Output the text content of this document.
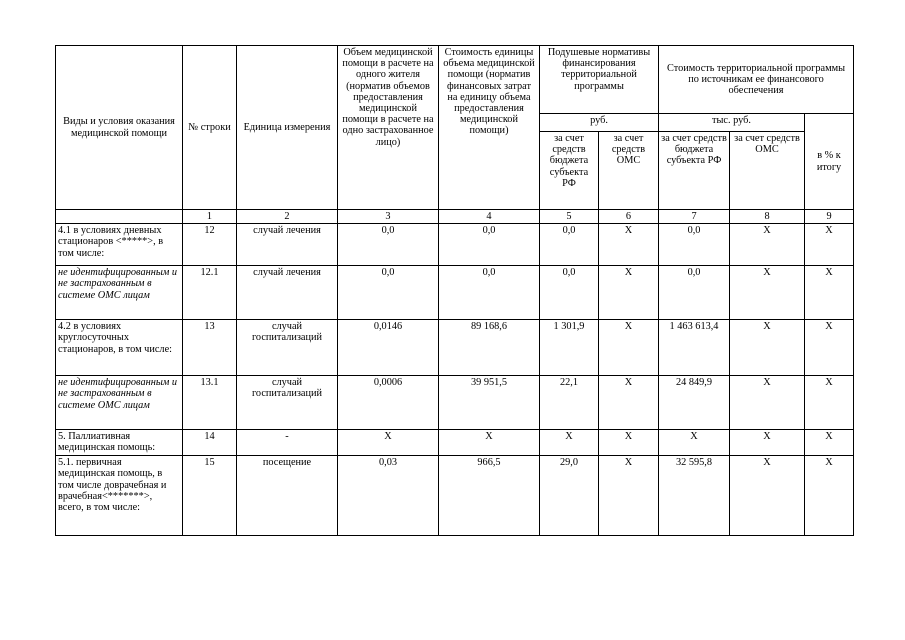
Виды и условия оказания медицинской помощи	№ строки	Единица измерения	Объем медицинской помощи в расчете на одного жителя (норматив объемов предоставления медицинской помощи в расчете на одно застрахованное лицо)	Стоимость единицы объема медицинской помощи (норматив финансовых затрат на единицу объема предоставления медицинской помощи)	Подушевые нормативы финансирования территориальной программы		Стоимость территориальной программы по источникам ее финансового обеспечения		
					руб.		тыс. руб.		в % к итогу
					за счет средств бюджета субъекта РФ	за счет средств ОМС	за счет средств бюджета субъекта РФ	за счет средств ОМС	
	1	2	3	4	5	6	7	8	9
4.1 в условиях дневных стационаров <*****>, в том числе:	12	случай лечения	0,0	0,0	0,0	X	0,0	X	X
не идентифицированным и не застрахованным в системе ОМС лицам	12.1	случай лечения	0,0	0,0	0,0	X	0,0	X	X
4.2 в условиях круглосуточных стационаров, в том числе:	13	случай госпитализаций	0,0146	89 168,6	1 301,9	X	1 463 613,4	X	X
не идентифицированным и не застрахованным в системе ОМС лицам	13.1	случай госпитализаций	0,0006	39 951,5	22,1	X	24 849,9	X	X
5. Паллиативная медицинская помощь:	14	-	X	X	X	X	X	X	X
5.1. первичная медицинская помощь, в том числе доврачебная и врачебная<*******>, всего, в том числе:	15	посещение	0,03	966,5	29,0	X	32 595,8	X	X
